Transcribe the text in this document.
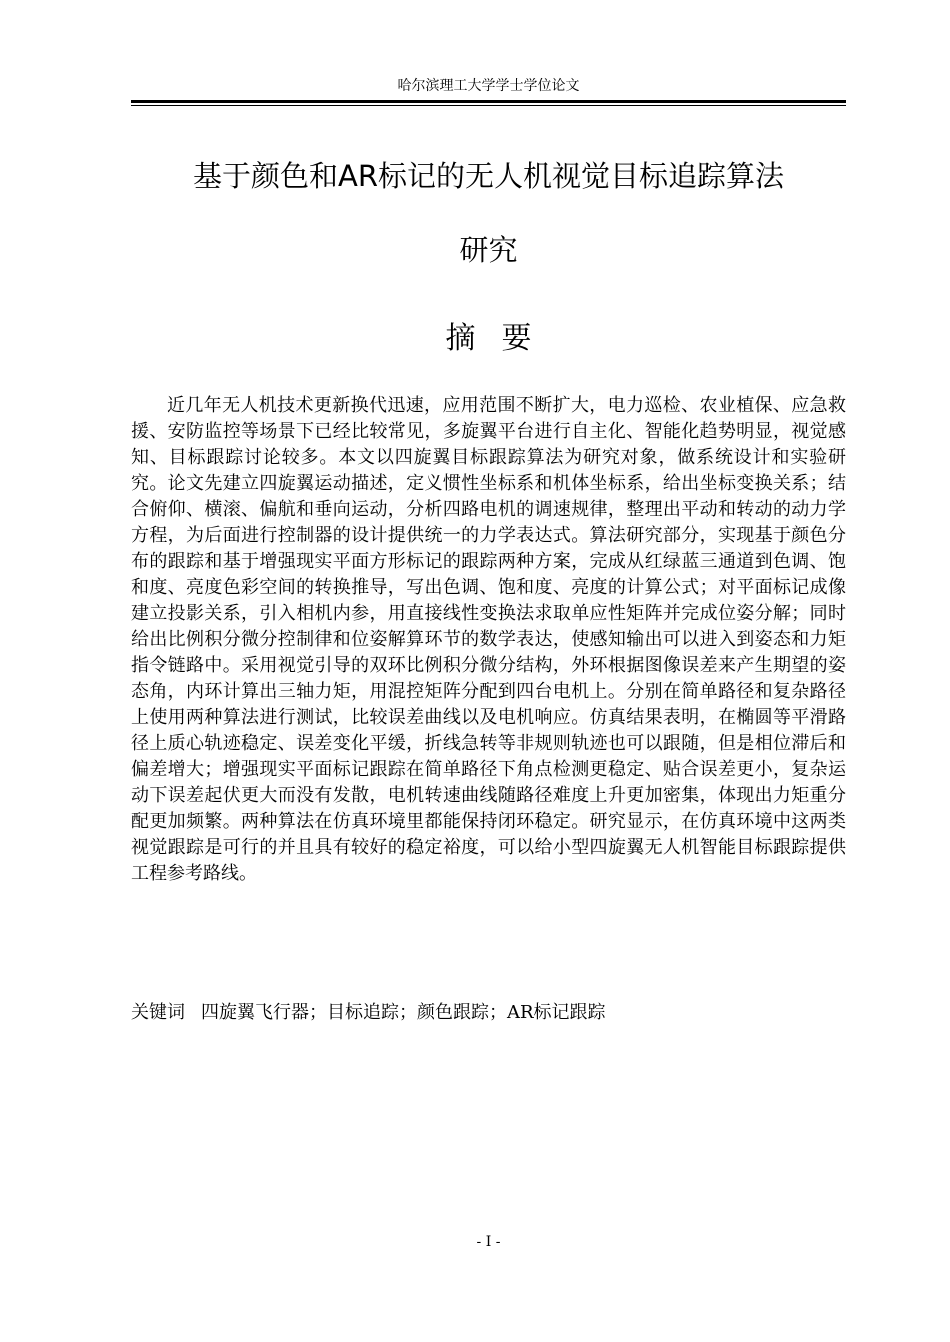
哈尔滨理工大学学士学位论文
基于颜色和AR标记的无人机视觉目标追踪算法
研究
摘要

近几年无人机技术更新换代迅速，应用范围不断扩大，电力巡检、农业植保、应急救援、安防监控等场景下已经比较常见，多旋翼平台进行自主化、智能化趋势明显，视觉感知、目标跟踪讨论较多。本文以四旋翼目标跟踪算法为研究对象，做系统设计和实验研究。论文先建立四旋翼运动描述，定义惯性坐标系和机体坐标系，给出坐标变换关系；结合俯仰、横滚、偏航和垂向运动，分析四路电机的调速规律，整理出平动和转动的动力学方程，为后面进行控制器的设计提供统一的力学表达式。算法研究部分，实现基于颜色分布的跟踪和基于增强现实平面方形标记的跟踪两种方案，完成从红绿蓝三通道到色调、饱和度、亮度色彩空间的转换推导，写出色调、饱和度、亮度的计算公式；对平面标记成像建立投影关系，引入相机内参，用直接线性变换法求取单应性矩阵并完成位姿分解；同时给出比例积分微分控制律和位姿解算环节的数学表达，使感知输出可以进入到姿态和力矩指令链路中。采用视觉引导的双环比例积分微分结构，外环根据图像误差来产生期望的姿态角，内环计算出三轴力矩，用混控矩阵分配到四台电机上。分别在简单路径和复杂路径上使用两种算法进行测试，比较误差曲线以及电机响应。仿真结果表明，在椭圆等平滑路径上质心轨迹稳定、误差变化平缓，折线急转等非规则轨迹也可以跟随，但是相位滞后和偏差增大；增强现实平面标记跟踪在简单路径下角点检测更稳定、贴合误差更小，复杂运动下误差起伏更大而没有发散，电机转速曲线随路径难度上升更加密集，体现出力矩重分配更加频繁。两种算法在仿真环境里都能保持闭环稳定。研究显示，在仿真环境中这两类视觉跟踪是可行的并且具有较好的稳定裕度，可以给小型四旋翼无人机智能目标跟踪提供工程参考路线。

关键词 四旋翼飞行器；目标追踪；颜色跟踪；AR标记跟踪
- I -
